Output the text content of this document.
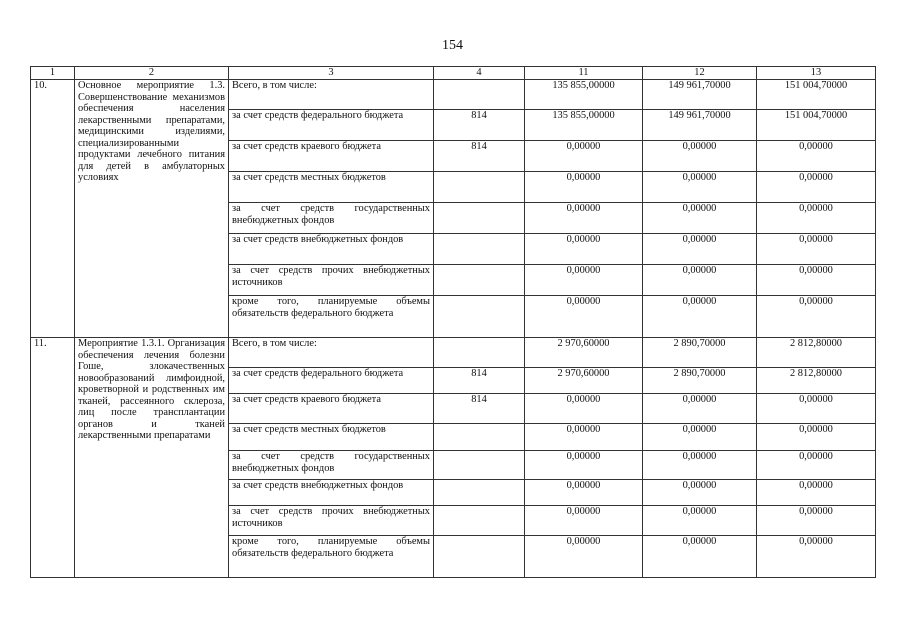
154
1	2	3	4	11	12	13
10.	Основное мероприятие 1.3. Совершенствование механизмов обеспечения населения лекарственными препаратами, медицинскими изделиями, специализированными продуктами лечебного питания для детей в амбулаторных условиях	Всего, в том числе:		135 855,00000	149 961,70000	151 004,70000
		за счет средств федерального бюджета	814	135 855,00000	149 961,70000	151 004,70000
		за счет средств краевого бюджета	814	0,00000	0,00000	0,00000
		за счет средств местных бюджетов		0,00000	0,00000	0,00000
		за счет средств государственных внебюджетных фондов		0,00000	0,00000	0,00000
		за счет средств внебюджетных фондов		0,00000	0,00000	0,00000
		за счет средств прочих внебюджетных источников		0,00000	0,00000	0,00000
		кроме того, планируемые объемы обязательств федерального бюджета		0,00000	0,00000	0,00000
11.	Мероприятие 1.3.1. Организация обеспечения лечения болезни Гоше, злокачественных новообразований лимфоидной, кроветворной и родственных им тканей, рассеянного склероза, лиц после трансплантации органов и тканей лекарственными препаратами	Всего, в том числе:		2 970,60000	2 890,70000	2 812,80000
		за счет средств федерального бюджета	814	2 970,60000	2 890,70000	2 812,80000
		за счет средств краевого бюджета	814	0,00000	0,00000	0,00000
		за счет средств местных бюджетов		0,00000	0,00000	0,00000
		за счет средств государственных внебюджетных фондов		0,00000	0,00000	0,00000
		за счет средств внебюджетных фондов		0,00000	0,00000	0,00000
		за счет средств прочих внебюджетных источников		0,00000	0,00000	0,00000
		кроме того, планируемые объемы обязательств федерального бюджета		0,00000	0,00000	0,00000
